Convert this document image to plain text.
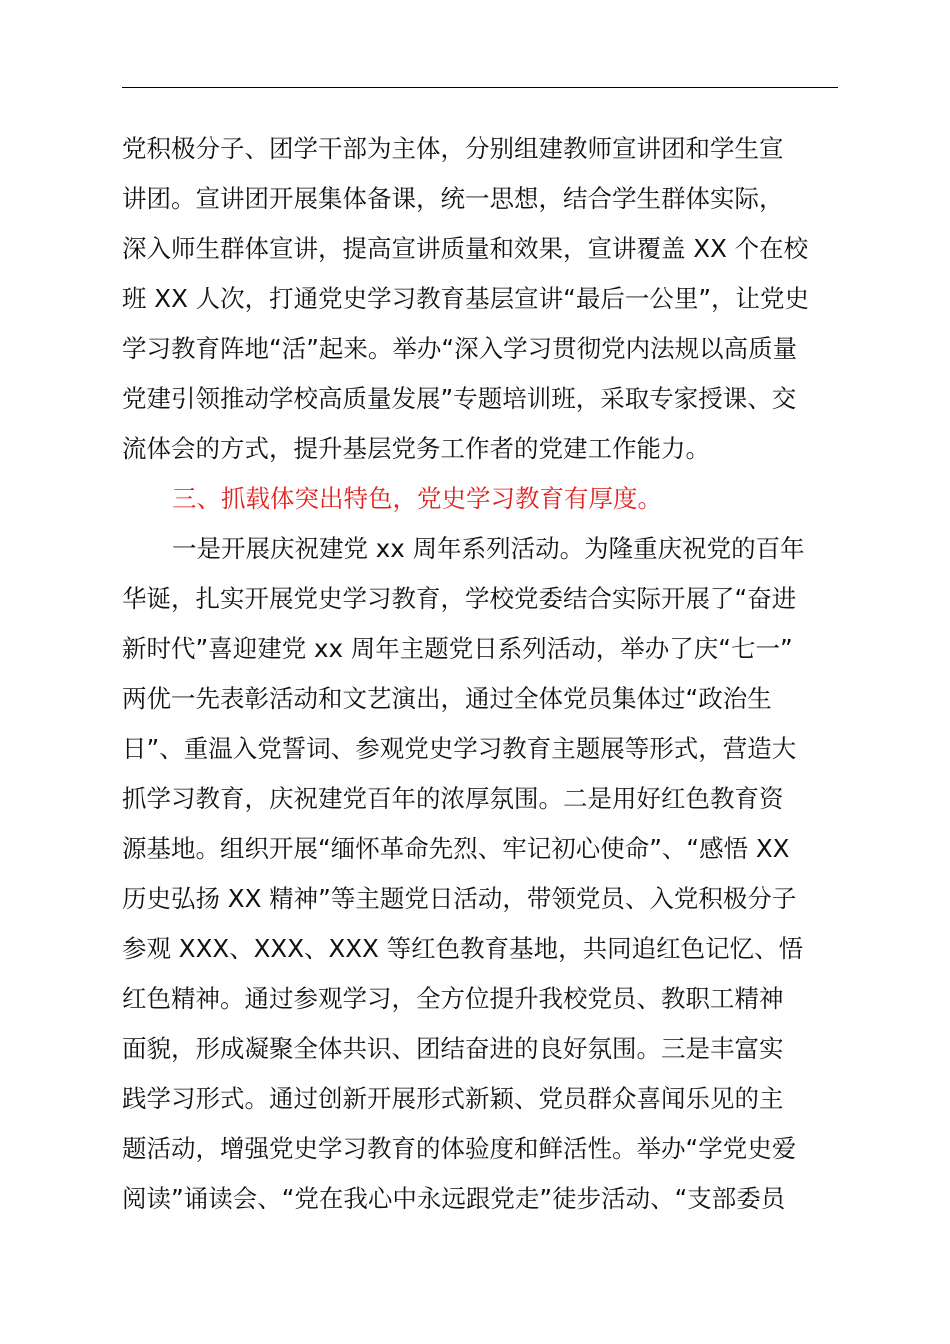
党积极分子、团学干部为主体，分别组建教师宣讲团和学生宣
讲团。宣讲团开展集体备课，统一思想，结合学生群体实际，
深入师生群体宣讲，提高宣讲质量和效果，宣讲覆盖 XX 个在校
班 XX 人次，打通党史学习教育基层宣讲“最后一公里”，让党史
学习教育阵地“活”起来。举办“深入学习贯彻党内法规以高质量
党建引领推动学校高质量发展”专题培训班，采取专家授课、交
流体会的方式，提升基层党务工作者的党建工作能力。
三、抓载体突出特色，党史学习教育有厚度。
一是开展庆祝建党 xx 周年系列活动。为隆重庆祝党的百年
华诞，扎实开展党史学习教育，学校党委结合实际开展了“奋进
新时代”喜迎建党 xx 周年主题党日系列活动，举办了庆“七一”
两优一先表彰活动和文艺演出，通过全体党员集体过“政治生
日”、重温入党誓词、参观党史学习教育主题展等形式，营造大
抓学习教育，庆祝建党百年的浓厚氛围。二是用好红色教育资
源基地。组织开展“缅怀革命先烈、牢记初心使命”、“感悟 XX
历史弘扬 XX 精神”等主题党日活动，带领党员、入党积极分子
参观 XXX、XXX、XXX 等红色教育基地，共同追红色记忆、悟
红色精神。通过参观学习，全方位提升我校党员、教职工精神
面貌，形成凝聚全体共识、团结奋进的良好氛围。三是丰富实
践学习形式。通过创新开展形式新颖、党员群众喜闻乐见的主
题活动，增强党史学习教育的体验度和鲜活性。举办“学党史爱
阅读”诵读会、“党在我心中永远跟党走”徒步活动、“支部委员
